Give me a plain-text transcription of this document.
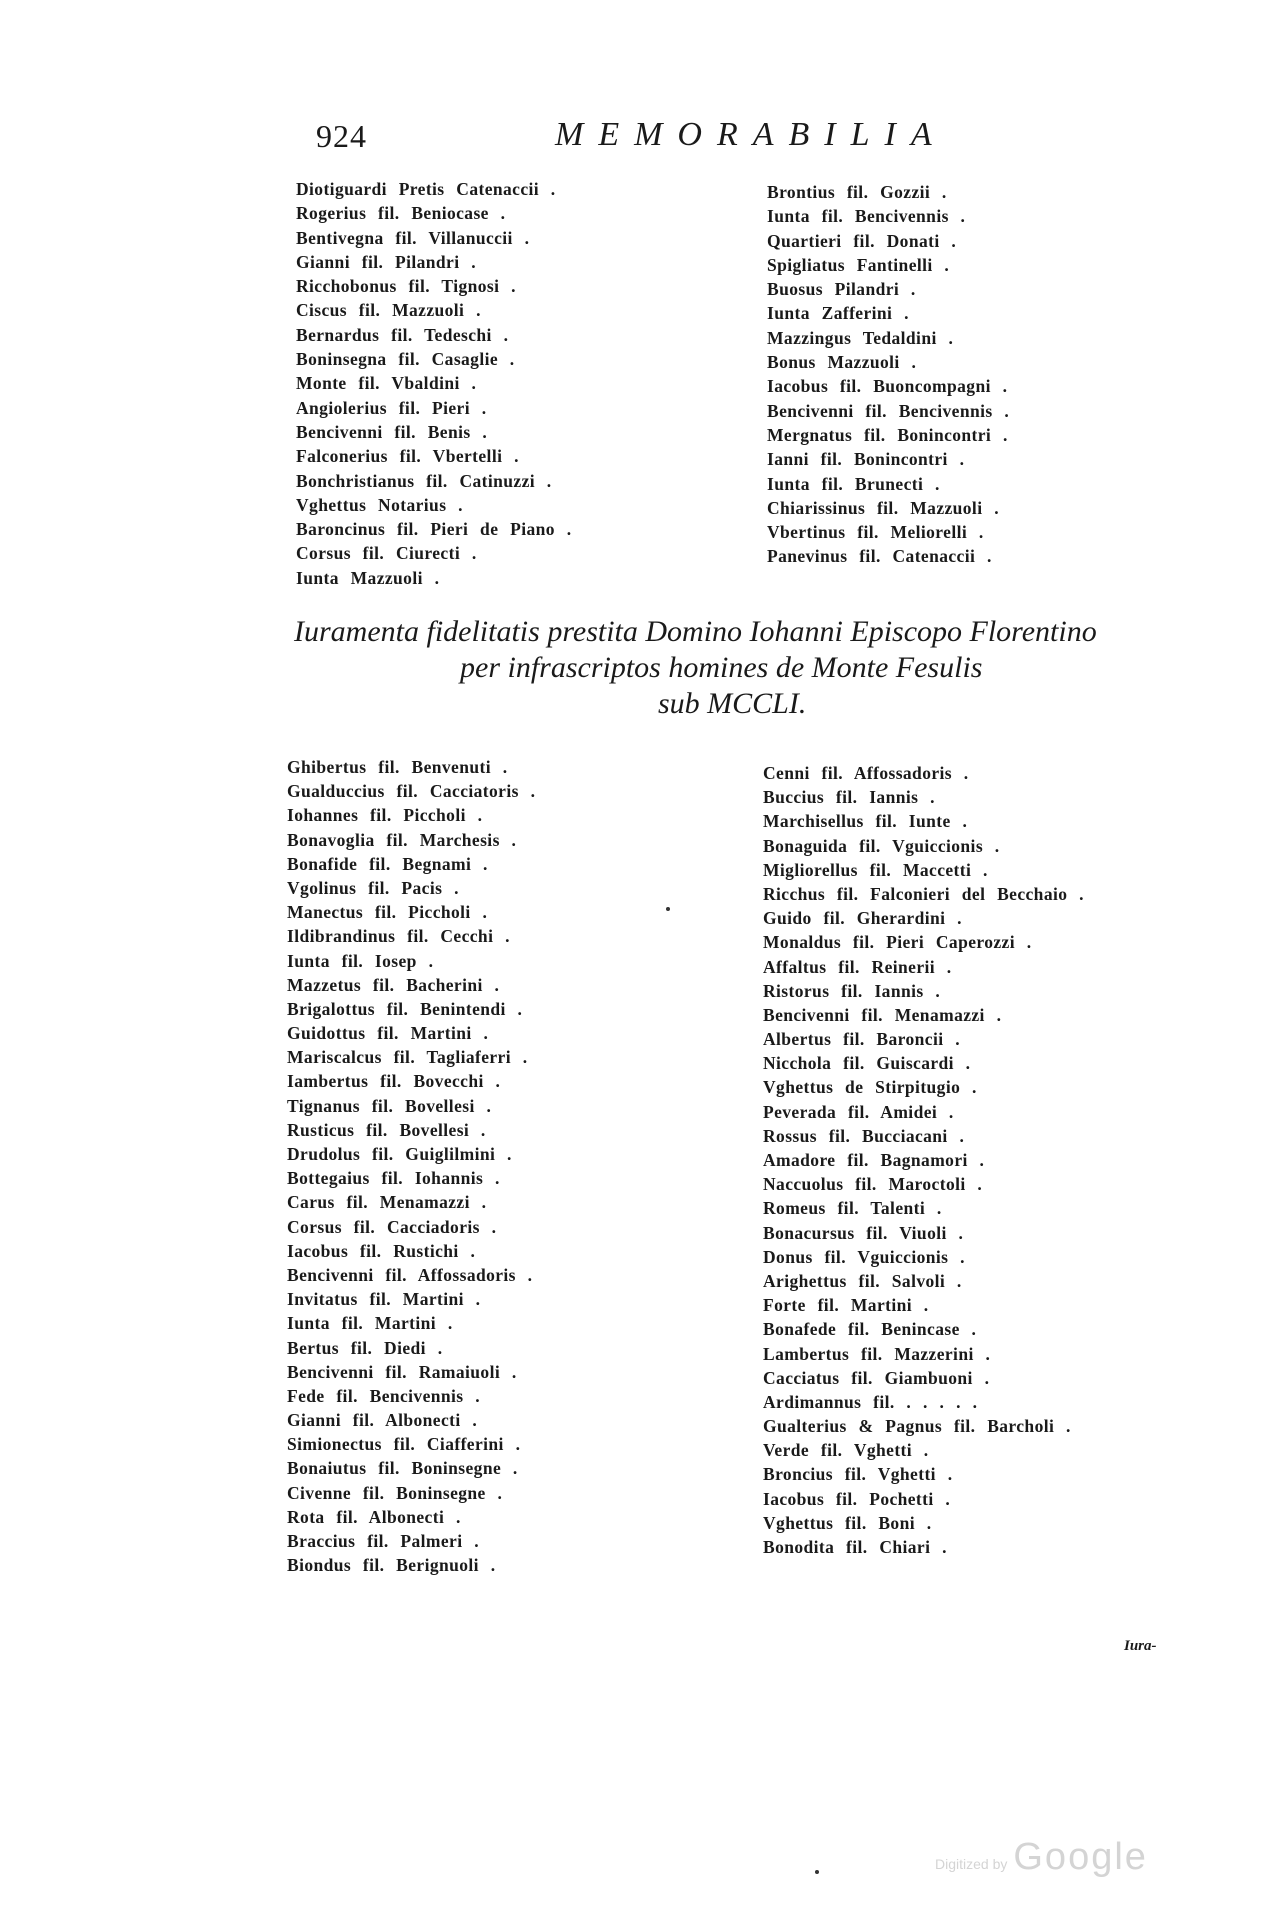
924	MEMORABILIA
Diotiguardi Pretis Catenaccii .
Rogerius fil. Beniocase .
Bentivegna fil. Villanuccii .
Gianni fil. Pilandri .
Ricchobonus fil. Tignosi .
Ciscus fil. Mazzuoli .
Bernardus fil. Tedeschi .
Boninsegna fil. Casaglie .
Monte fil. Vbaldini .
Angiolerius fil. Pieri .
Bencivenni fil. Benis .
Falconerius fil. Vbertelli .
Bonchristianus fil. Catinuzzi .
Vghettus Notarius .
Baroncinus fil. Pieri de Piano .
Corsus fil. Ciurecti .
Iunta Mazzuoli .
Brontius fil. Gozzii .
Iunta fil. Bencivennis .
Quartieri fil. Donati .
Spigliatus Fantinelli .
Buosus Pilandri .
Iunta Zafferini .
Mazzingus Tedaldini .
Bonus Mazzuoli .
Iacobus fil. Buoncompagni .
Bencivenni fil. Bencivennis .
Mergnatus fil. Bonincontri .
Ianni fil. Bonincontri .
Iunta fil. Brunecti .
Chiarissinus fil. Mazzuoli .
Vbertinus fil. Meliorelli .
Panevinus fil. Catenaccii .
Iuramenta fidelitatis prestita Domino Iohanni Episcopo Florentino
per infrascriptos homines de Monte Fesulis
sub MCCLI.
Ghibertus fil. Benvenuti .
Gualduccius fil. Cacciatoris .
Iohannes fil. Piccholi .
Bonavoglia fil. Marchesis .
Bonafide fil. Begnami .
Vgolinus fil. Pacis .
Manectus fil. Piccholi .
Ildibrandinus fil. Cecchi .
Iunta fil. Iosep .
Mazzetus fil. Bacherini .
Brigalottus fil. Benintendi .
Guidottus fil. Martini .
Mariscalcus fil. Tagliaferri .
Iambertus fil. Bovecchi .
Tignanus fil. Bovellesi .
Rusticus fil. Bovellesi .
Drudolus fil. Guiglilmini .
Bottegaius fil. Iohannis .
Carus fil. Menamazzi .
Corsus fil. Cacciadoris .
Iacobus fil. Rustichi .
Bencivenni fil. Affossadoris .
Invitatus fil. Martini .
Iunta fil. Martini .
Bertus fil. Diedi .
Bencivenni fil. Ramaiuoli .
Fede fil. Bencivennis .
Gianni fil. Albonecti .
Simionectus fil. Ciafferini .
Bonaiutus fil. Boninsegne .
Civenne fil. Boninsegne .
Rota fil. Albonecti .
Braccius fil. Palmeri .
Biondus fil. Berignuoli .
Cenni fil. Affossadoris .
Buccius fil. Iannis .
Marchisellus fil. Iunte .
Bonaguida fil. Vguiccionis .
Migliorellus fil. Maccetti .
Ricchus fil. Falconieri del Becchaio .
Guido fil. Gherardini .
Monaldus fil. Pieri Caperozzi .
Affaltus fil. Reinerii .
Ristorus fil. Iannis .
Bencivenni fil. Menamazzi .
Albertus fil. Baroncii .
Nicchola fil. Guiscardi .
Vghettus de Stirpitugio .
Peverada fil. Amidei .
Rossus fil. Bucciacani .
Amadore fil. Bagnamori .
Naccuolus fil. Maroctoli .
Romeus fil. Talenti .
Bonacursus fil. Viuoli .
Donus fil. Vguiccionis .
Arighettus fil. Salvoli .
Forte fil. Martini .
Bonafede fil. Benincase .
Lambertus fil. Mazzerini .
Cacciatus fil. Giambuoni .
Ardimannus fil. . . . . .
Gualterius & Pagnus fil. Barcholi .
Verde fil. Vghetti .
Broncius fil. Vghetti .
Iacobus fil. Pochetti .
Vghettus fil. Boni .
Bonodita fil. Chiari .
Iura-
Digitized by Google
